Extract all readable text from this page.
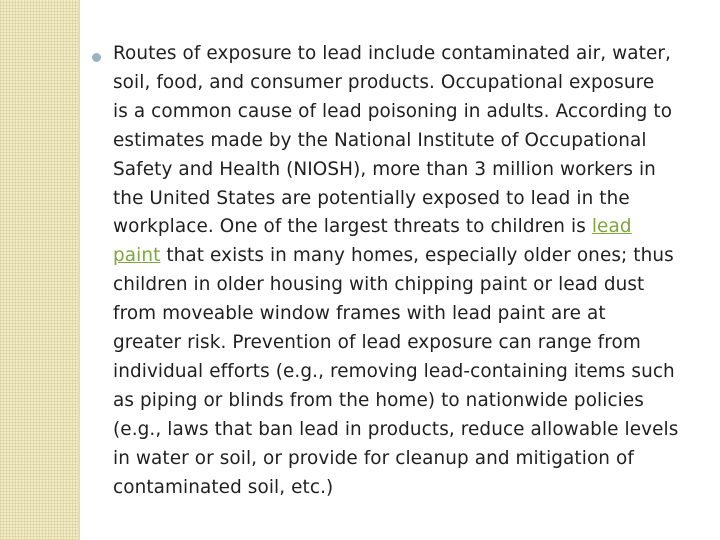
Routes of exposure to lead include contaminated air, water,
soil, food, and consumer products. Occupational exposure
is a common cause of lead poisoning in adults. According to
estimates made by the National Institute of Occupational
Safety and Health (NIOSH), more than 3 million workers in
the United States are potentially exposed to lead in the
workplace. One of the largest threats to children is lead
paint that exists in many homes, especially older ones; thus
children in older housing with chipping paint or lead dust
from moveable window frames with lead paint are at
greater risk. Prevention of lead exposure can range from
individual efforts (e.g., removing lead-containing items such
as piping or blinds from the home) to nationwide policies
(e.g., laws that ban lead in products, reduce allowable levels
in water or soil, or provide for cleanup and mitigation of
contaminated soil, etc.)
